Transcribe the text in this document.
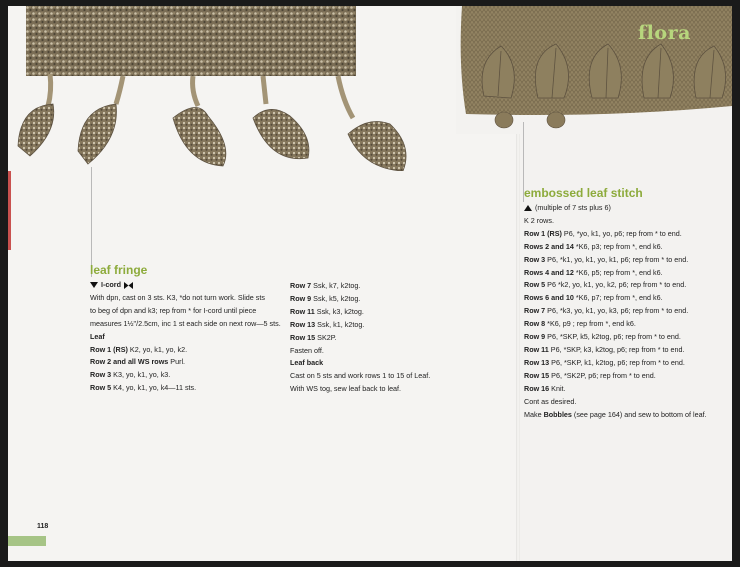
flora
leaf fringe

I-cord

With dpn, cast on 3 sts. K3, *do not turn work. Slide sts

to beg of dpn and k3; rep from * for I-cord until piece

measures 1½"/2.5cm, inc 1 st each side on next row—5 sts.

Leaf

Row 1 (RS) K2, yo, k1, yo, k2.

Row 2 and all WS rows Purl.

Row 3 K3, yo, k1, yo, k3.

Row 5 K4, yo, k1, yo, k4—11 sts.

Row 7 Ssk, k7, k2tog.

Row 9 Ssk, k5, k2tog.

Row 11 Ssk, k3, k2tog.

Row 13 Ssk, k1, k2tog.

Row 15 SK2P.

Fasten off.

Leaf back

Cast on 5 sts and work rows 1 to 15 of Leaf.

With WS tog, sew leaf back to leaf.

embossed leaf stitch

(multiple of 7 sts plus 6)

K 2 rows.

Row 1 (RS) P6, *yo, k1, yo, p6; rep from * to end.

Rows 2 and 14 *K6, p3; rep from *, end k6.

Row 3 P6, *k1, yo, k1, yo, k1, p6; rep from * to end.

Rows 4 and 12 *K6, p5; rep from *, end k6.

Row 5 P6 *k2, yo, k1, yo, k2, p6; rep from * to end.

Rows 6 and 10 *K6, p7; rep from *, end k6.

Row 7 P6, *k3, yo, k1, yo, k3, p6; rep from * to end.

Row 8 *K6, p9 ; rep from *, end k6.

Row 9 P6, *SKP, k5, k2tog, p6; rep from * to end.

Row 11 P6, *SKP, k3, k2tog, p6; rep from * to end.

Row 13 P6, *SKP, k1, k2tog, p6; rep from * to end.

Row 15 P6, *SK2P, p6; rep from * to end.

Row 16 Knit.

Cont as desired.

Make Bobbles (see page 164) and sew to bottom of leaf.

118
